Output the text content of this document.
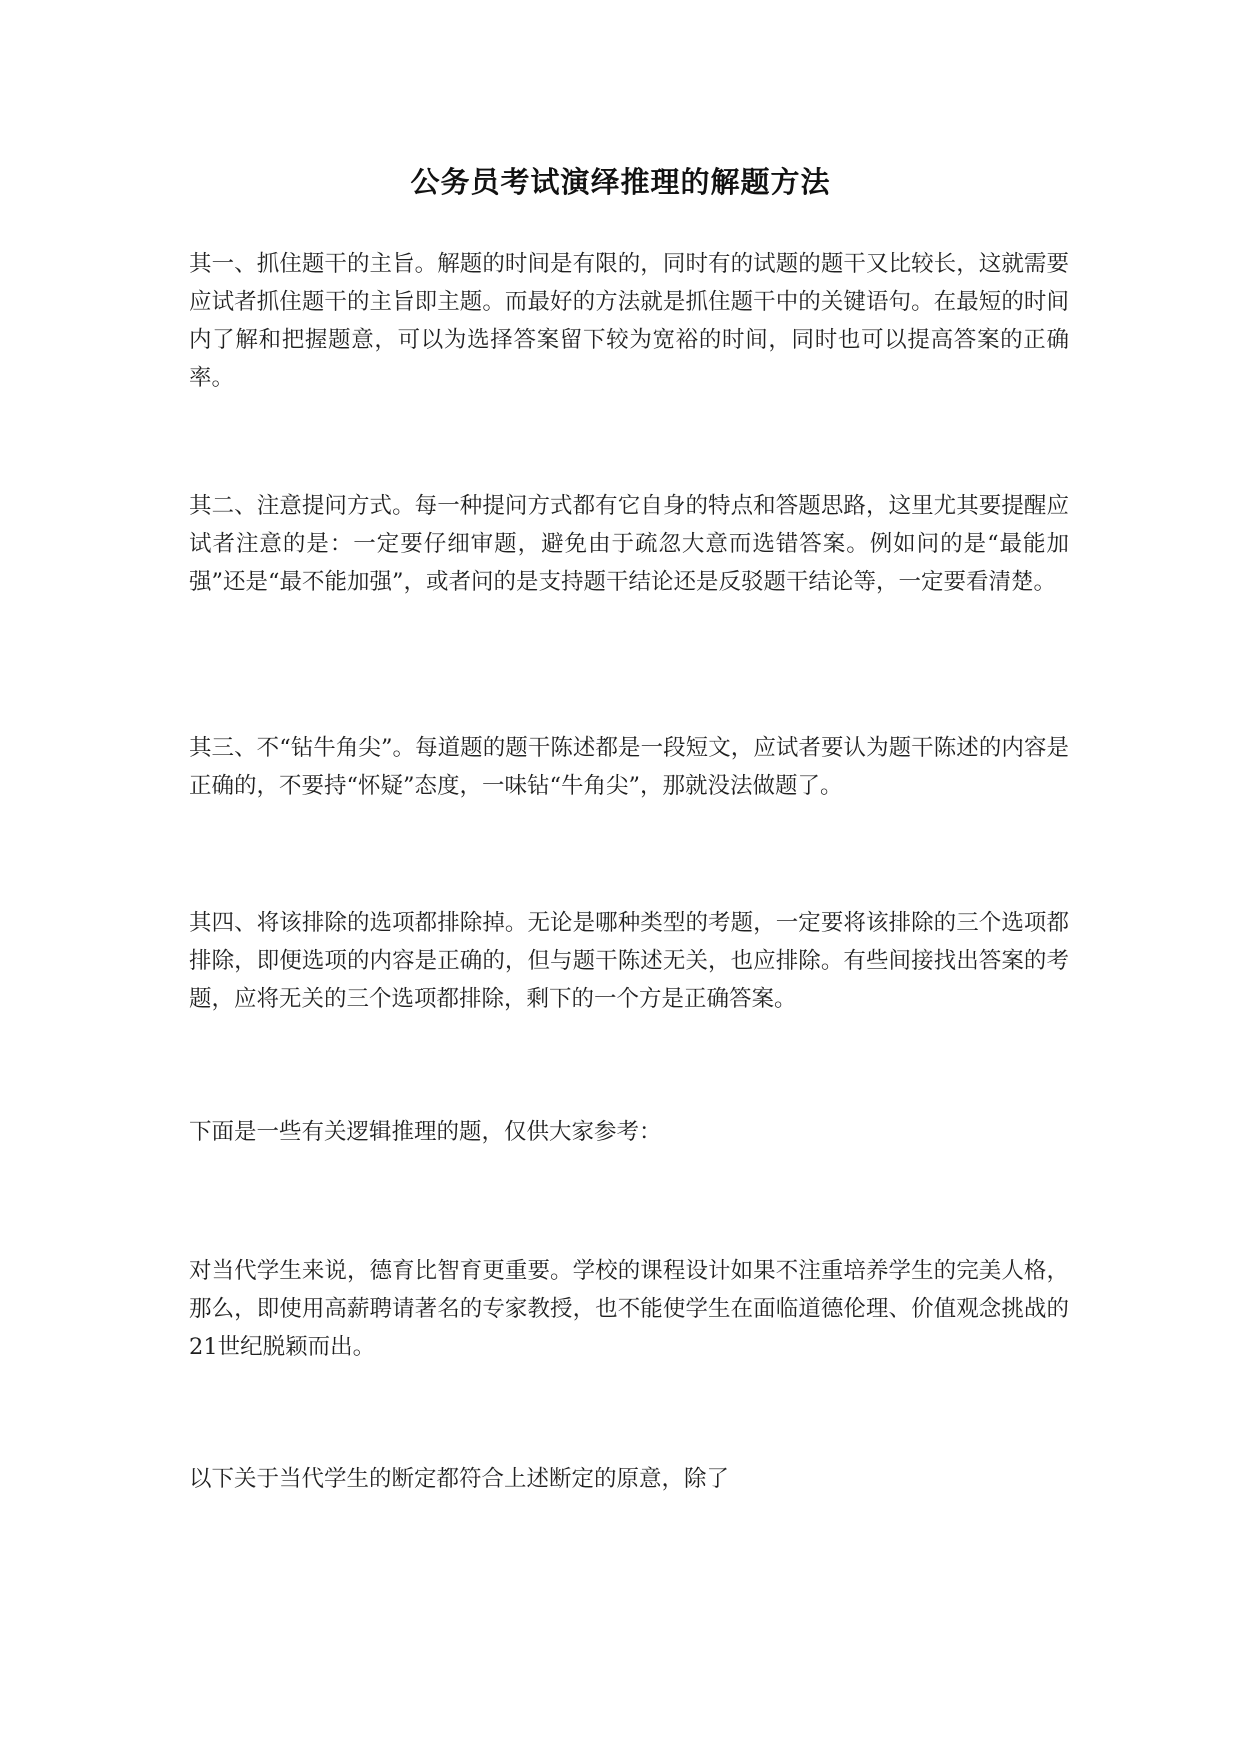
公务员考试演绎推理的解题方法
其一、抓住题干的主旨。解题的时间是有限的，同时有的试题的题干又比较长，这就需要应试者抓住题干的主旨即主题。而最好的方法就是抓住题干中的关键语句。在最短的时间内了解和把握题意，可以为选择答案留下较为宽裕的时间，同时也可以提高答案的正确率。
其二、注意提问方式。每一种提问方式都有它自身的特点和答题思路，这里尤其要提醒应试者注意的是：一定要仔细审题，避免由于疏忽大意而选错答案。例如问的是“最能加强”还是“最不能加强”，或者问的是支持题干结论还是反驳题干结论等，一定要看清楚。
其三、不“钻牛角尖”。每道题的题干陈述都是一段短文，应试者要认为题干陈述的内容是正确的，不要持“怀疑”态度，一味钻“牛角尖”，那就没法做题了。
其四、将该排除的选项都排除掉。无论是哪种类型的考题，一定要将该排除的三个选项都排除，即便选项的内容是正确的，但与题干陈述无关，也应排除。有些间接找出答案的考题，应将无关的三个选项都排除，剩下的一个方是正确答案。
下面是一些有关逻辑推理的题，仅供大家参考：
对当代学生来说，德育比智育更重要。学校的课程设计如果不注重培养学生的完美人格，那么，即使用高薪聘请著名的专家教授，也不能使学生在面临道德伦理、价值观念挑战的21世纪脱颖而出。
以下关于当代学生的断定都符合上述断定的原意，除了
